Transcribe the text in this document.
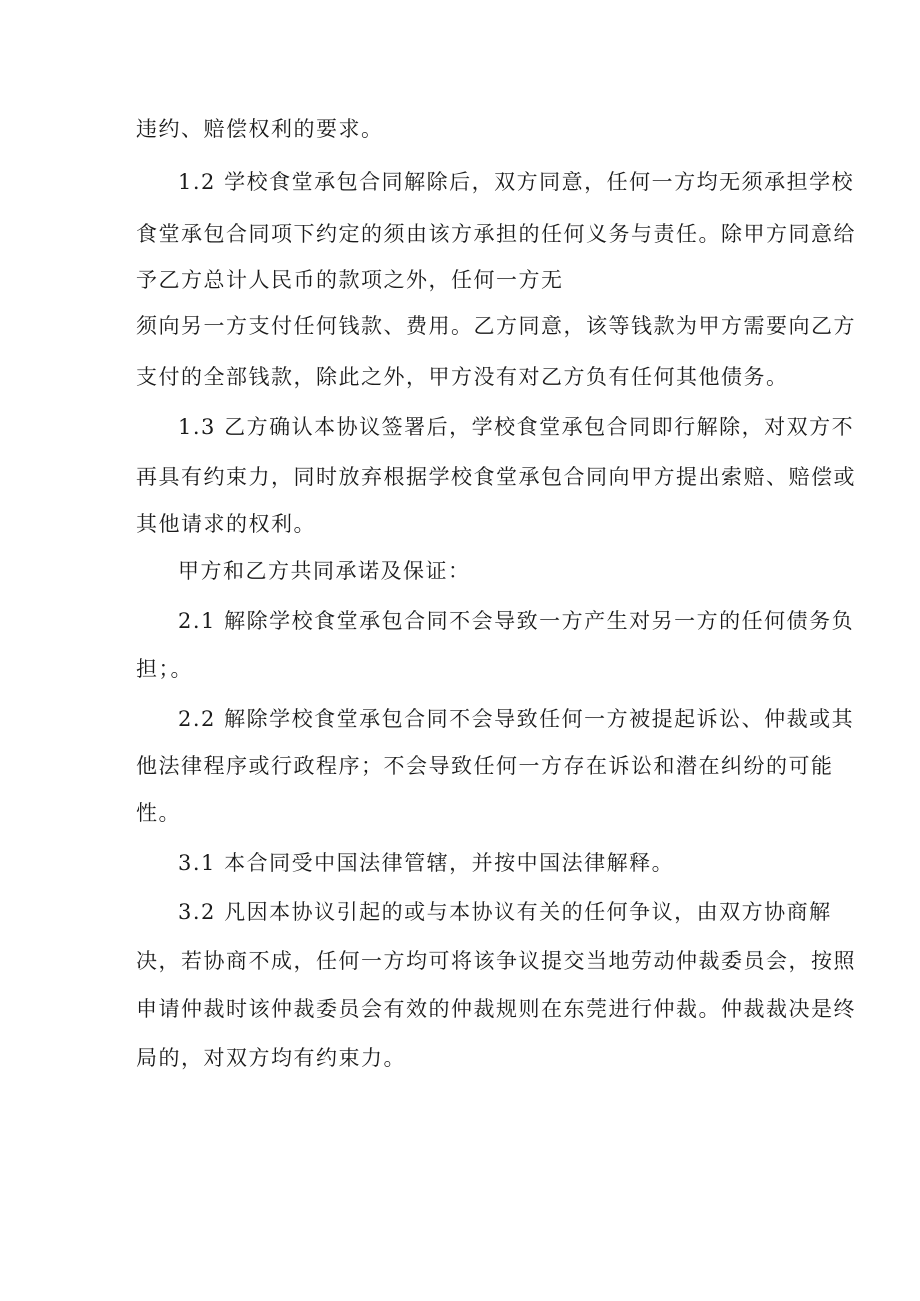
违约、赔偿权利的要求。
1.2 学校食堂承包合同解除后，双方同意，任何一方均无须承担学校
食堂承包合同项下约定的须由该方承担的任何义务与责任。除甲方同意给
予乙方总计人民币的款项之外，任何一方无
须向另一方支付任何钱款、费用。乙方同意，该等钱款为甲方需要向乙方
支付的全部钱款，除此之外，甲方没有对乙方负有任何其他债务。
1.3 乙方确认本协议签署后，学校食堂承包合同即行解除，对双方不
再具有约束力，同时放弃根据学校食堂承包合同向甲方提出索赔、赔偿或
其他请求的权利。
甲方和乙方共同承诺及保证：
2.1 解除学校食堂承包合同不会导致一方产生对另一方的任何债务负
担；。
2.2 解除学校食堂承包合同不会导致任何一方被提起诉讼、仲裁或其
他法律程序或行政程序；不会导致任何一方存在诉讼和潜在纠纷的可能
性。
3.1 本合同受中国法律管辖，并按中国法律解释。
3.2 凡因本协议引起的或与本协议有关的任何争议，由双方协商解
决，若协商不成，任何一方均可将该争议提交当地劳动仲裁委员会，按照
申请仲裁时该仲裁委员会有效的仲裁规则在东莞进行仲裁。仲裁裁决是终
局的，对双方均有约束力。
